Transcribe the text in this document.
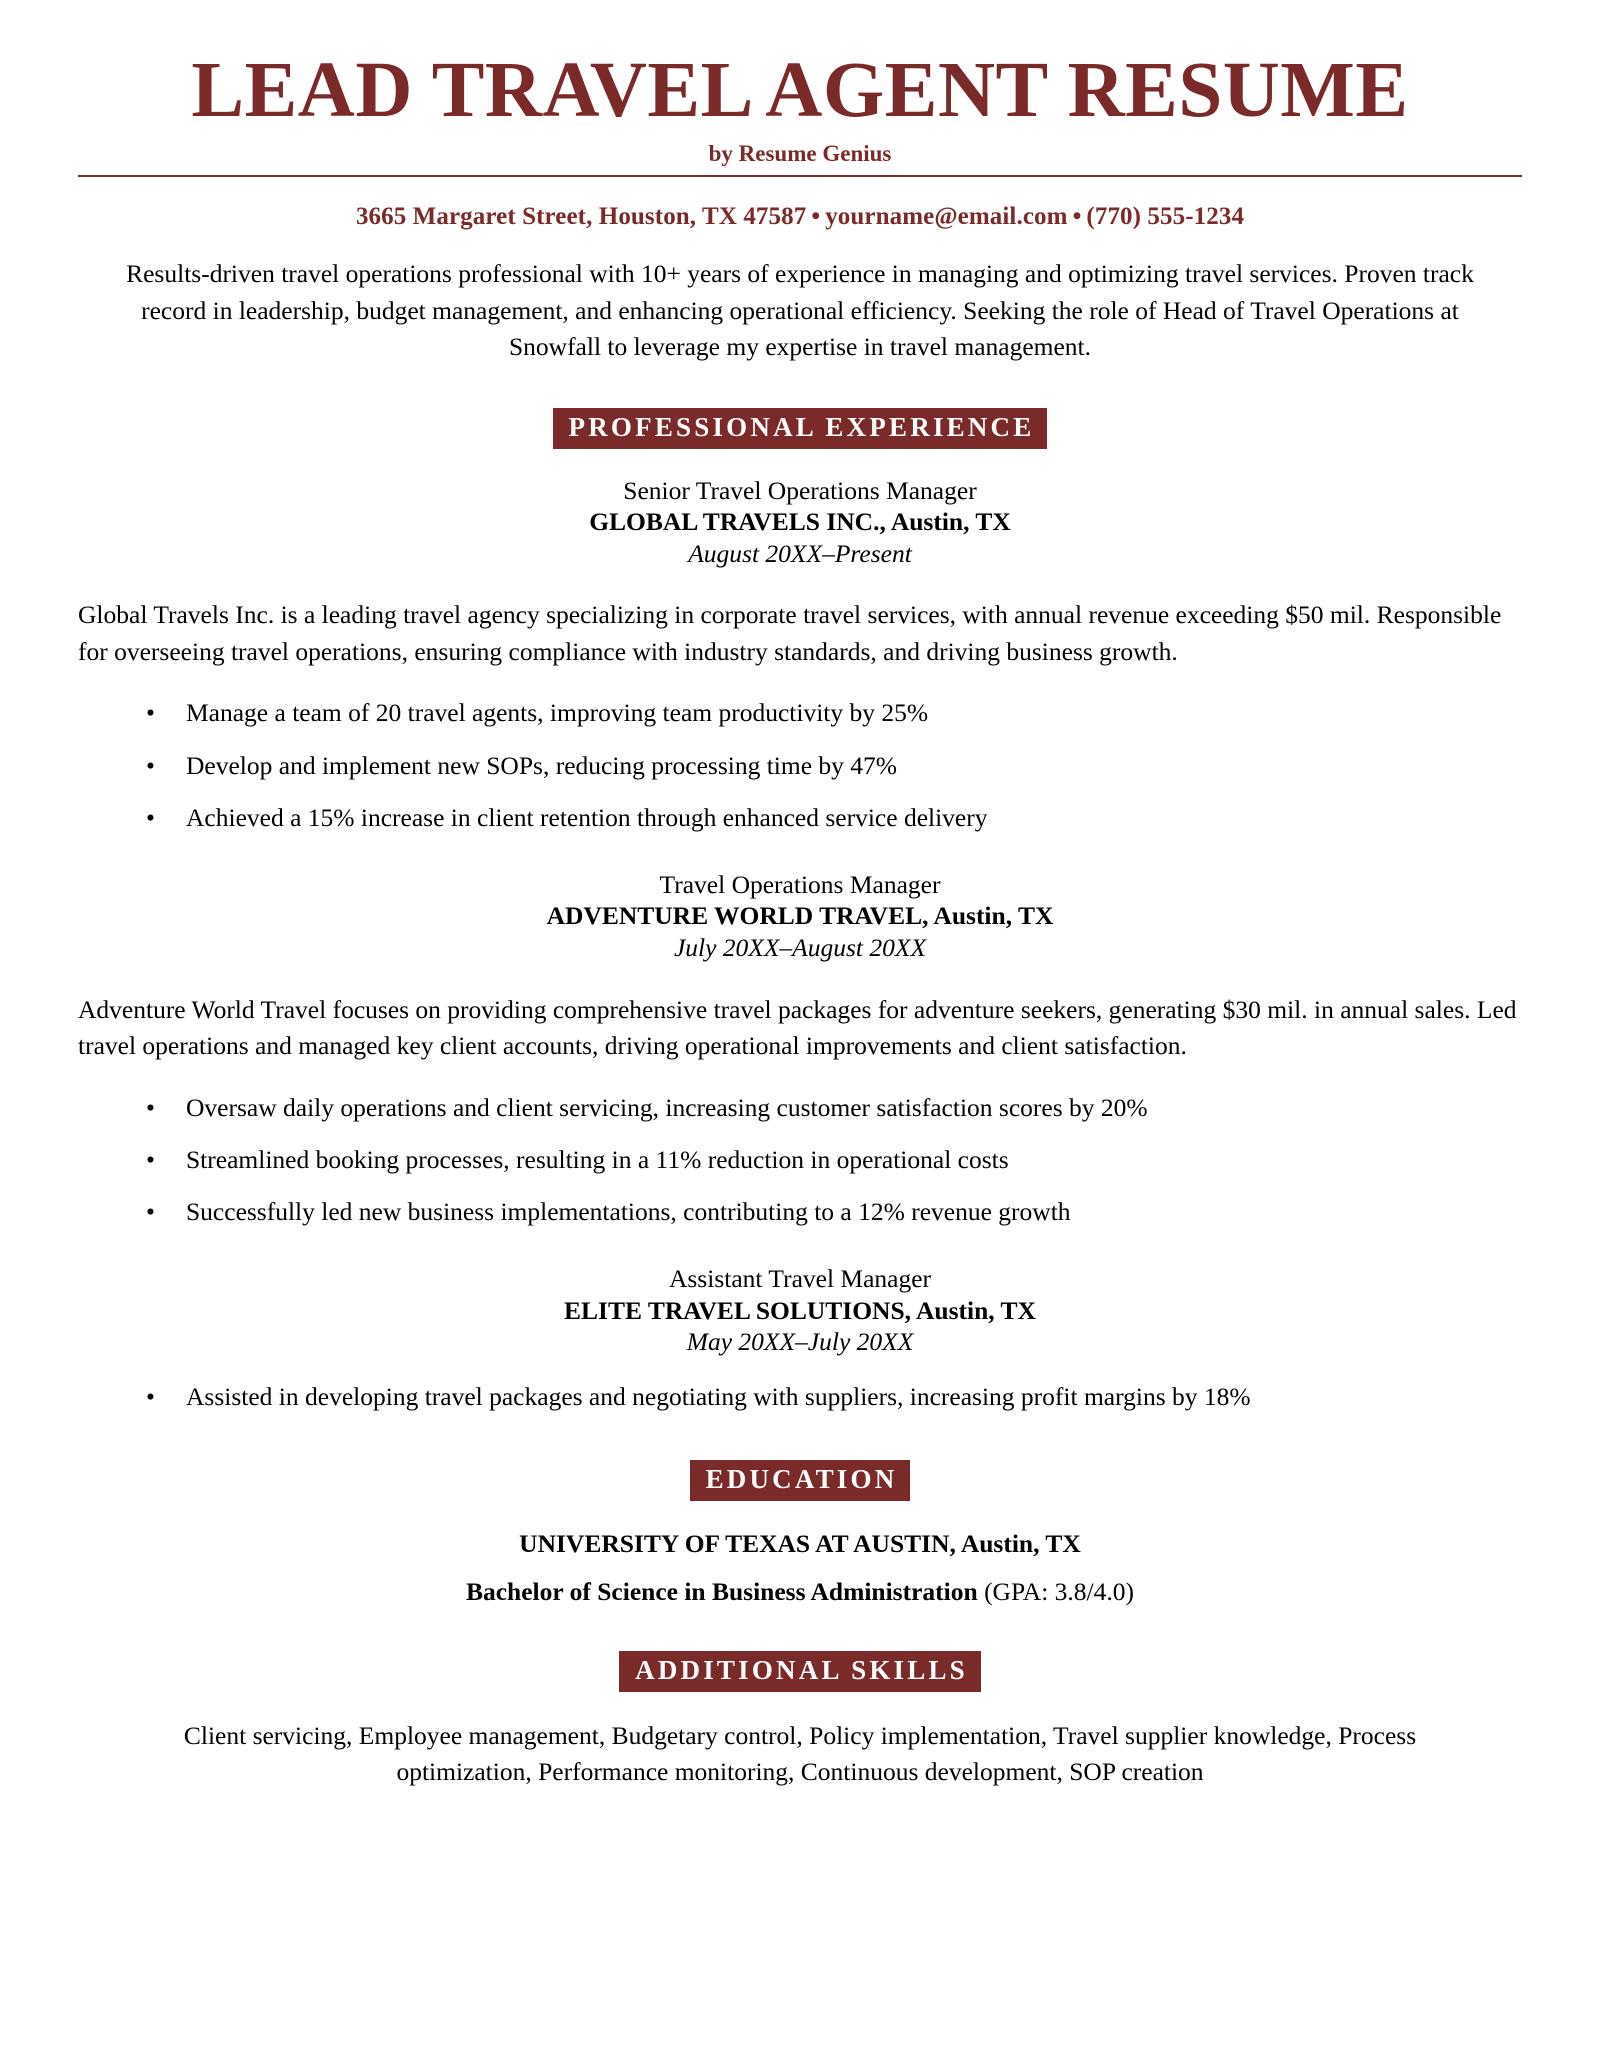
LEAD TRAVEL AGENT RESUME
by Resume Genius
3665 Margaret Street, Houston, TX 47587 • yourname@email.com • (770) 555-1234

Results-driven travel operations professional with 10+ years of experience in managing and optimizing travel services. Proven track record in leadership, budget management, and enhancing operational efficiency. Seeking the role of Head of Travel Operations at Snowfall to leverage my expertise in travel management.

PROFESSIONAL EXPERIENCE
Senior Travel Operations Manager
GLOBAL TRAVELS INC., Austin, TX
August 20XX–Present

Global Travels Inc. is a leading travel agency specializing in corporate travel services, with annual revenue exceeding $50 mil. Responsible for overseeing travel operations, ensuring compliance with industry standards, and driving business growth.

• Manage a team of 20 travel agents, improving team productivity by 25%
• Develop and implement new SOPs, reducing processing time by 47%
• Achieved a 15% increase in client retention through enhanced service delivery
Travel Operations Manager
ADVENTURE WORLD TRAVEL, Austin, TX
July 20XX–August 20XX

Adventure World Travel focuses on providing comprehensive travel packages for adventure seekers, generating $30 mil. in annual sales. Led travel operations and managed key client accounts, driving operational improvements and client satisfaction.

• Oversaw daily operations and client servicing, increasing customer satisfaction scores by 20%
• Streamlined booking processes, resulting in a 11% reduction in operational costs
• Successfully led new business implementations, contributing to a 12% revenue growth
Assistant Travel Manager
ELITE TRAVEL SOLUTIONS, Austin, TX
May 20XX–July 20XX
• Assisted in developing travel packages and negotiating with suppliers, increasing profit margins by 18%
EDUCATION
UNIVERSITY OF TEXAS AT AUSTIN, Austin, TX
Bachelor of Science in Business Administration (GPA: 3.8/4.0)
ADDITIONAL SKILLS
Client servicing, Employee management, Budgetary control, Policy implementation, Travel supplier knowledge, Process optimization, Performance monitoring, Continuous development, SOP creation
